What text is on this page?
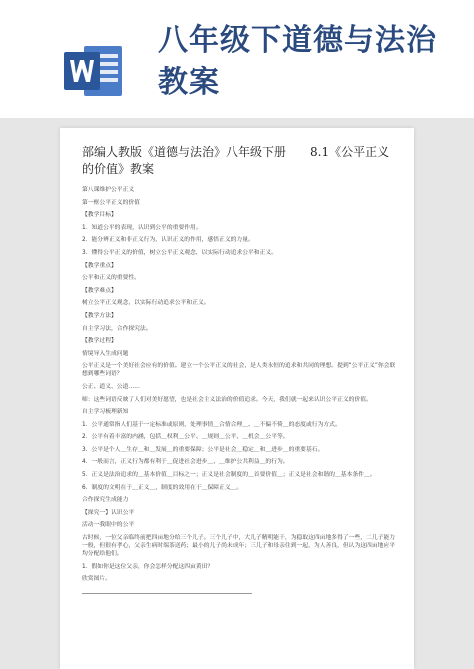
八年级下道德与法治教案
部编人教版《道德与法治》八年级下册　　8.1《公平正义的价值》教案
第八课维护公平正义
第一框公平正义的价值
【教学目标】
1．知道公平的表现，认识到公平的重要作用。
2．能分辨正义和非正义行为，认识正义的作用，感悟正义的力量。
3．懂得公平正义的价值，树立公平正义观念，以实际行动追求公平和正义。
【教学重点】
公平和正义的重要性。
【教学难点】
树立公平正义观念，以实际行动追求公平和正义。
【教学方法】
自主学习法，合作探究法。
【教学过程】
情境导入生成问题
公平正义是一个美好社会应有的价值。建立一个公平正义的社会，是人类永恒的追求和共同的理想。提到“公平正义”你会联想到哪些词语？
公正、道义、公道……
师：这些词语反映了人们对美好愿望，也是社会主义法治的价值追求。今天，我们就一起来认识公平正义的价值。
自主学习梳理新知
1．公平通常指人们基于一定标准或原则，处理事情＿合情合理＿、＿不偏不倚＿的态度或行为方式。
2．公平有着丰富的内涵，包括＿权利＿公平、＿规则＿公平、＿机会＿公平等。
3．公平是个人＿生存＿和＿发展＿的重要保障；公平是社会＿稳定＿和＿进步＿的重要基石。
4．一般而言，正义行为都有利于＿促进社会进步＿、＿维护公共利益＿的行为。
5．正义是法治追求的＿基本价值＿目标之一；正义是社会制度的＿首要价值＿；正义是社会和谐的＿基本条件＿。
6．制度的文明在于＿正义＿，制度的效用在于＿保障正义＿。
合作探究生成能力
【探究一】认识公平
活动一我眼中的公平
古时候，一位父亲临终前把四亩地分给三个儿子。三个儿子中，大儿子精明能干，为稳取这四亩地多得了一些，二儿子能力一般，但很有孝心，父亲生病时端茶送药；最小的儿子尚未成年；三儿子和母亲住到一起，为人善良，但认为这四亩地应平均分配给他们。
1．假如你是这位父亲，你会怎样分配这四亩黄田？
欣赏图片。
